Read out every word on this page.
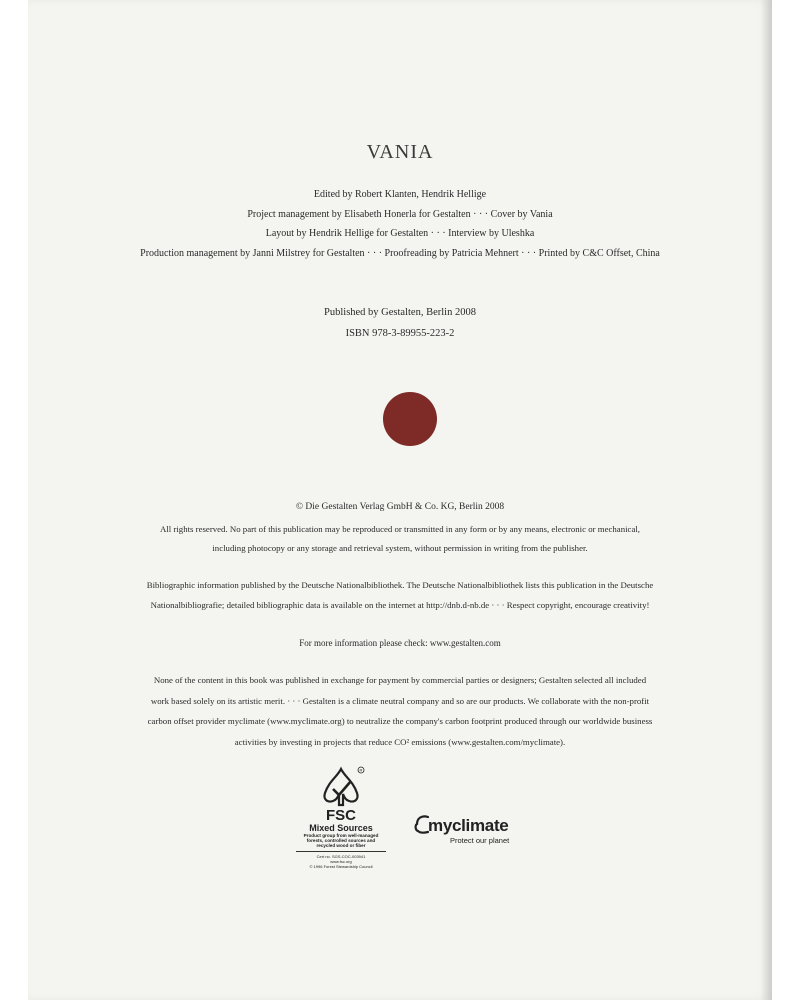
VANIA
Edited by Robert Klanten, Hendrik Hellige
Project management by Elisabeth Honerla for Gestalten · · · Cover by Vania
Layout by Hendrik Hellige for Gestalten · · · Interview by Uleshka
Production management by Janni Milstrey for Gestalten · · · Proofreading by Patricia Mehnert · · · Printed by C&C Offset, China
Published by Gestalten, Berlin 2008
ISBN 978-3-89955-223-2
© Die Gestalten Verlag GmbH & Co. KG, Berlin 2008
All rights reserved. No part of this publication may be reproduced or transmitted in any form or by any means, electronic or mechanical,
including photocopy or any storage and retrieval system, without permission in writing from the publisher.
Bibliographic information published by the Deutsche Nationalbibliothek. The Deutsche Nationalbibliothek lists this publication in the Deutsche
Nationalbibliografie; detailed bibliographic data is available on the internet at http://dnb.d-nb.de · · · Respect copyright, encourage creativity!
For more information please check: www.gestalten.com
None of the content in this book was published in exchange for payment by commercial parties or designers; Gestalten selected all included
work based solely on its artistic merit. · · · Gestalten is a climate neutral company and so are our products. We collaborate with the non-profit
carbon offset provider myclimate (www.myclimate.org) to neutralize the company's carbon footprint produced through our worldwide business
activities by investing in projects that reduce CO² emissions (www.gestalten.com/myclimate).
R
FSC
Mixed Sources
Product group from well-managed
forests, controlled sources and
recycled wood or fiber
Cert no. SGS-COC-003941
www.fsc.org
© 1996 Forest Stewardship Council
myclimate
Protect our planet
